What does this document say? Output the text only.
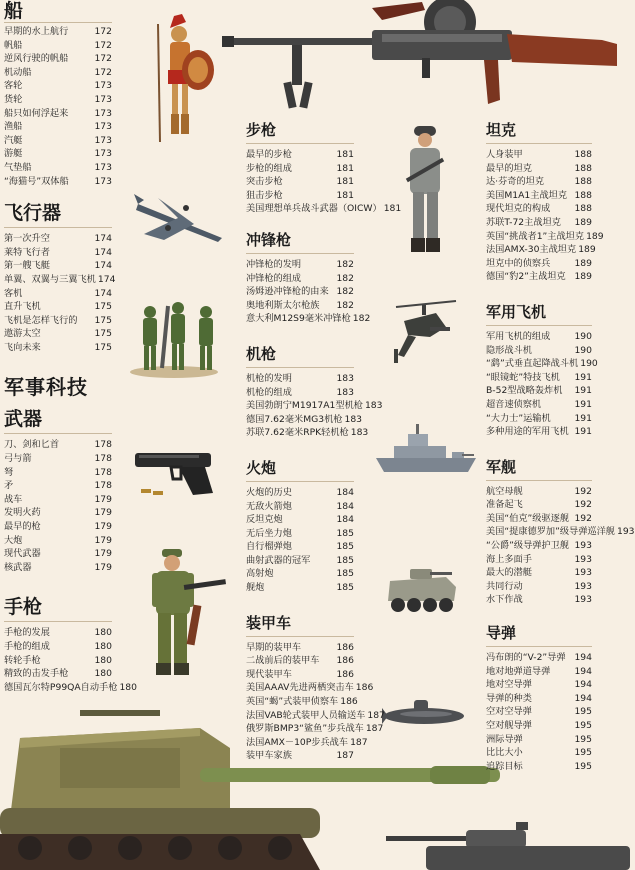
船
早期的水上航行	172
帆船	172
逆风行驶的帆船	172
机动船	172
客轮	173
货轮	173
船只如何浮起来	173
渔船	173
汽艇	173
游艇	173
气垫船	173
“海猫号”双体船	173
飞行器
第一次升空	174
莱特飞行者	174
第一艘飞艇	174
单翼、双翼与三翼飞机 174
客机	174
直升飞机	175
飞机是怎样飞行的 175
遨游太空	175
飞向未来	175
军事科技
武器
刀、剑和匕首	178
弓与箭	178
弩	178
矛	178
战车	179
发明火药	179
最早的枪	179
大炮	179
现代武器	179
核武器	179
手枪
手枪的发展	180
手枪的组成	180
转轮手枪	180
精致的击发手枪	180
德国瓦尔特P99QA自动手枪 180
步枪
最早的步枪	181
步枪的组成	181
突击步枪	181
狙击步枪	181
美国理想单兵战斗武器（OICW） 181
冲锋枪
冲锋枪的发明	182
冲锋枪的组成	182
汤姆逊冲锋枪的由来 182
奥地利斯太尔枪族 182
意大利M12S9毫米冲锋枪 182
机枪
机枪的发明	183
机枪的组成	183
美国勃朗宁M1917A1型机枪 183
德国7.62毫米MG3机枪 183
苏联7.62毫米RPK轻机枪 183
火炮
火炮的历史	184
无敌火箭炮	184
反坦克炮	184
无后坐力炮	185
自行榴弹炮	185
曲射武器的冠军	185
高射炮	185
舰炮	185
装甲车
早期的装甲车	186
二战前后的装甲车 186
现代装甲车	186
美国AAAV先进两栖突击车 186
英国“蝎”式装甲侦察车 186
法国VAB轮式装甲人员输送车 187
俄罗斯BMP3“鲨鱼”步兵战车 187
法国AMX－10P步兵战车 187
装甲车家族	187
坦克
人身装甲	188
最早的坦克	188
达·芬奇的坦克	188
美国M1A1主战坦克 188
现代坦克的构成	188
苏联T-72主战坦克 189
英国“挑战者1”主战坦克 189
法国AMX-30主战坦克 189
坦克中的侦察兵	189
德国“豹2”主战坦克 189
军用飞机
军用飞机的组成	190
隐形战斗机	190
“鹞”式垂直起降战斗机 190
“眼镜蛇”特技飞机 191
B-52型战略轰炸机 191
超音速侦察机	191
“大力士”运输机	191
多种用途的军用飞机 191
军舰
航空母舰	192
准备起飞	192
美国“伯克”级驱逐舰 192
美国“提康德罗加”级导弹巡洋舰 193
“公爵”级导弹护卫舰 193
海上多面手	193
最大的潜艇	193
共同行动	193
水下作战	193
导弹
冯布朗的“V-2”导弹 194
地对地弹道导弹	194
地对空导弹	194
导弹的种类	194
空对空导弹	195
空对舰导弹	195
洲际导弹	195
比比大小	195
追踪目标	195
